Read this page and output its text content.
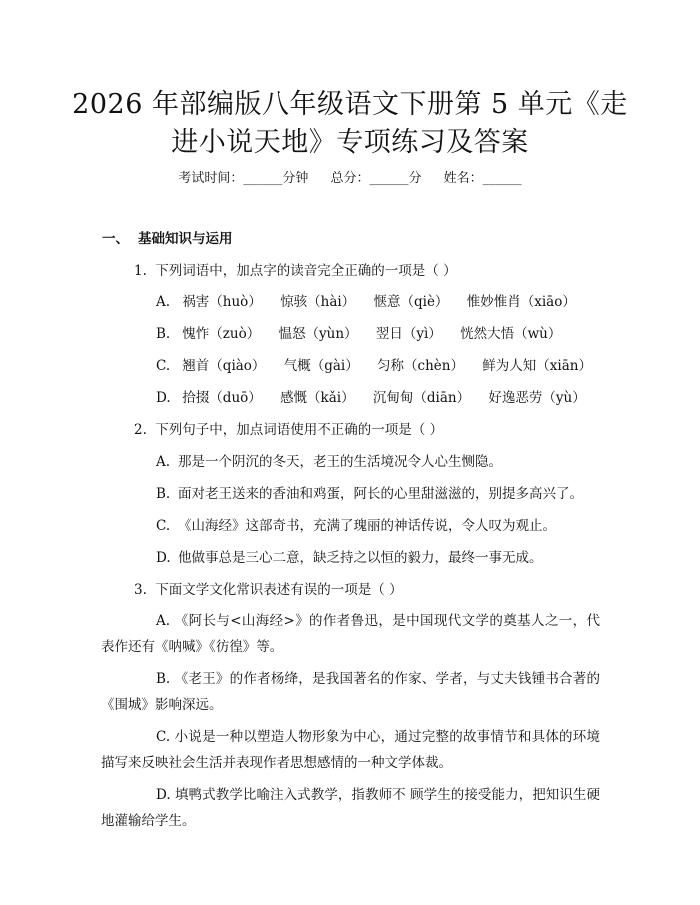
2026 年部编版八年级语文下册第 5 单元《走
进小说天地》专项练习及答案
考试时间：______分钟 总分：______分 姓名：______
一、 基础知识与运用
1. 下列词语中，加点字的读音完全正确的一项是（ ）
A. 祸害（huò） 惊骇（hài） 惬意（qiè） 惟妙惟肖（xiāo）
B. 愧怍（zuò） 愠怒（yùn） 翌日（yì） 恍然大悟（wù）
C. 翘首（qiào） 气概（gài） 匀称（chèn） 鲜为人知（xiān）
D. 拾掇（duō） 感慨（kǎi） 沉甸甸（diān） 好逸恶劳（yù）
2. 下列句子中，加点词语使用不正确的一项是（ ）
A. 那是一个阴沉的冬天，老王的生活境况令人心生恻隐。
B. 面对老王送来的香油和鸡蛋，阿长的心里甜滋滋的，别提多高兴了。
C. 《山海经》这部奇书，充满了瑰丽的神话传说，令人叹为观止。
D. 他做事总是三心二意，缺乏持之以恒的毅力，最终一事无成。
3. 下面文学文化常识表述有误的一项是（ ）
A. 《阿长与<山海经>》的作者鲁迅，是中国现代文学的奠基人之一，代表作还有《呐喊》《彷徨》等。
B. 《老王》的作者杨绛，是我国著名的作家、学者，与丈夫钱锺书合著的《围城》影响深远。
C. 小说是一种以塑造人物形象为中心，通过完整的故事情节和具体的环境描写来反映社会生活并表现作者思想感情的一种文学体裁。
D. 填鸭式教学比喻注入式教学，指教师不 顾学生的接受能力，把知识生硬地灌输给学生。
